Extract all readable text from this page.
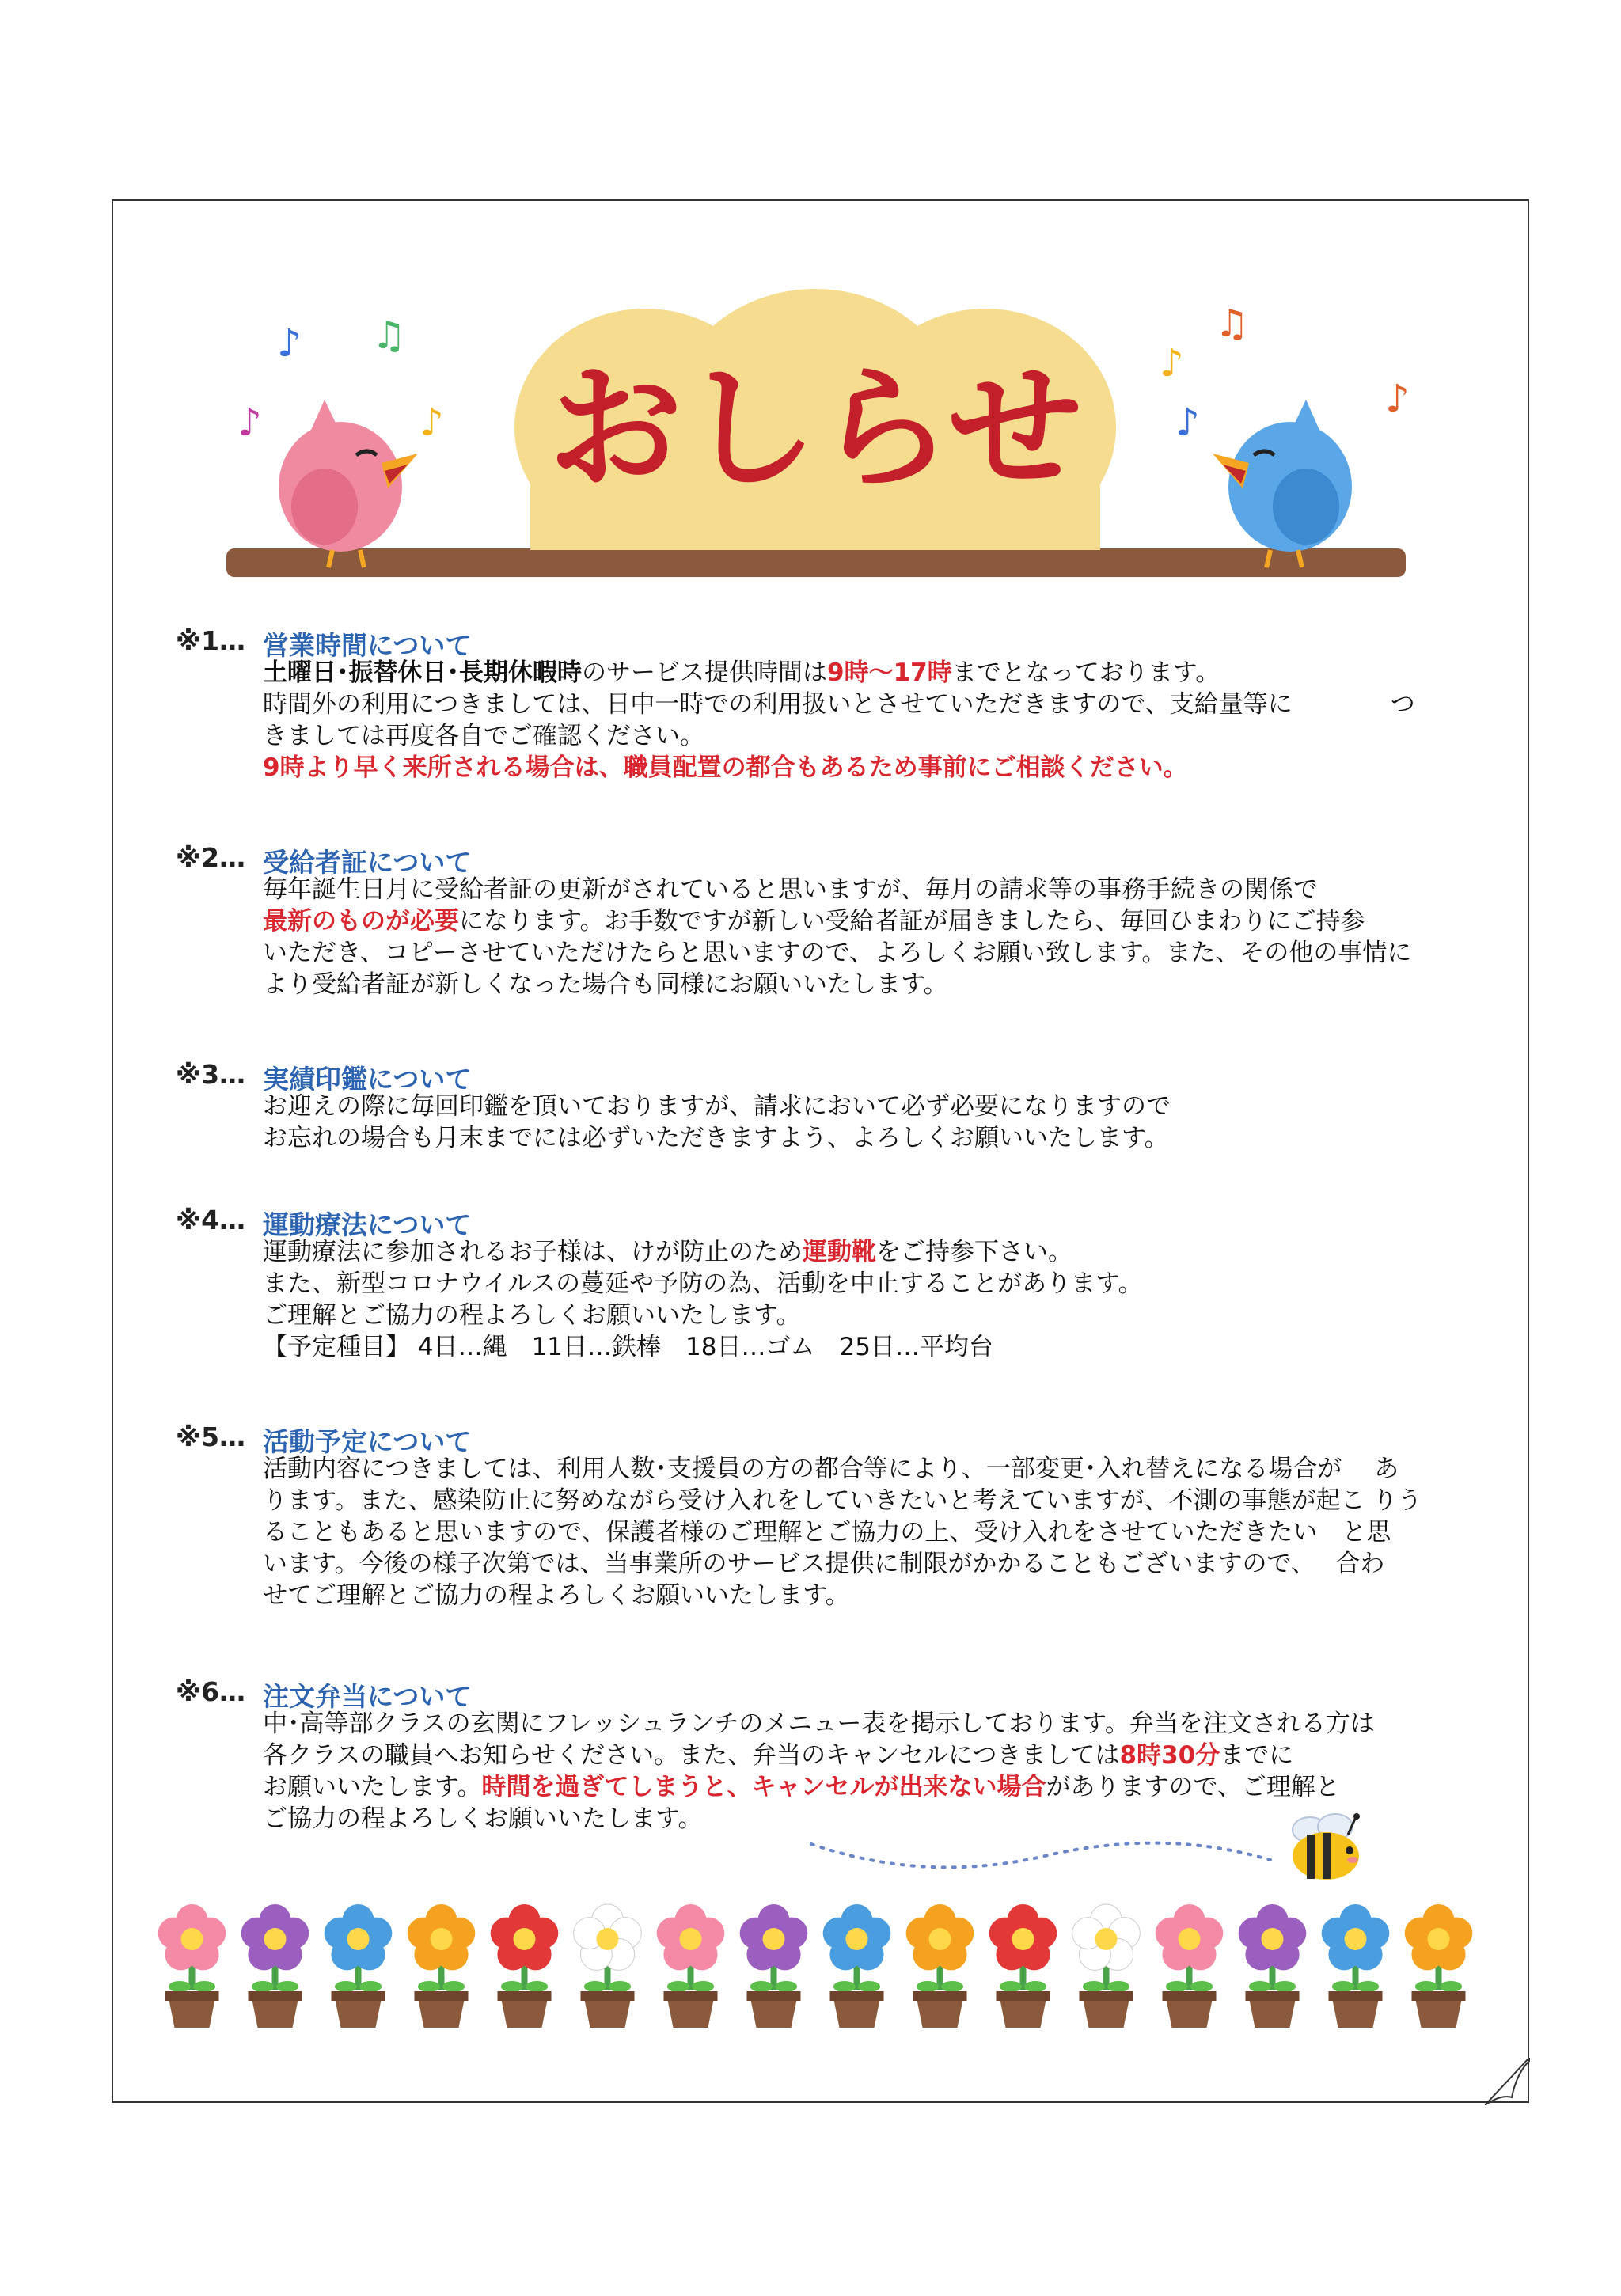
おしらせ
♪ ♫
♪	♪
♪
♫
♪
♪
※1… 営業時間について
土曜日･振替休日･長期休暇時のサービス提供時間は9時～17時までとなっております。
時間外の利用につきましては、日中一時での利用扱いとさせていただきますので、支給量等に　　　　つ
きましては再度各自でご確認ください。
9時より早く来所される場合は、職員配置の都合もあるため事前にご相談ください。
※2… 受給者証について
毎年誕生日月に受給者証の更新がされていると思いますが、毎月の請求等の事務手続きの関係で
最新のものが必要になります。お手数ですが新しい受給者証が届きましたら、毎回ひまわりにご持参
いただき、コピーさせていただけたらと思いますので、よろしくお願い致します。また、その他の事情に
より受給者証が新しくなった場合も同様にお願いいたします。
※3… 実績印鑑について
お迎えの際に毎回印鑑を頂いておりますが、請求において必ず必要になりますので
お忘れの場合も月末までには必ずいただきますよう、よろしくお願いいたします。
※4… 運動療法について
運動療法に参加されるお子様は、けが防止のため運動靴をご持参下さい。
また、新型コロナウイルスの蔓延や予防の為、活動を中止することがあります。
ご理解とご協力の程よろしくお願いいたします。
【予定種目】 4日…縄　11日…鉄棒　18日…ゴム　25日…平均台
※5… 活動予定について
活動内容につきましては、利用人数･支援員の方の都合等により、一部変更･入れ替えになる場合が　 あ
ります。また、感染防止に努めながら受け入れをしていきたいと考えていますが、不測の事態が起こ りう
ることもあると思いますので、保護者様のご理解とご協力の上、受け入れをさせていただきたい　と思
います。今後の様子次第では、当事業所のサービス提供に制限がかかることもございますので、　 合わ
せてご理解とご協力の程よろしくお願いいたします。
※6… 注文弁当について
中･高等部クラスの玄関にフレッシュランチのメニュー表を掲示しております。弁当を注文される方は
各クラスの職員へお知らせください。また、弁当のキャンセルにつきましては8時30分までに
お願いいたします。時間を過ぎてしまうと、キャンセルが出来ない場合がありますので、ご理解と
ご協力の程よろしくお願いいたします。
